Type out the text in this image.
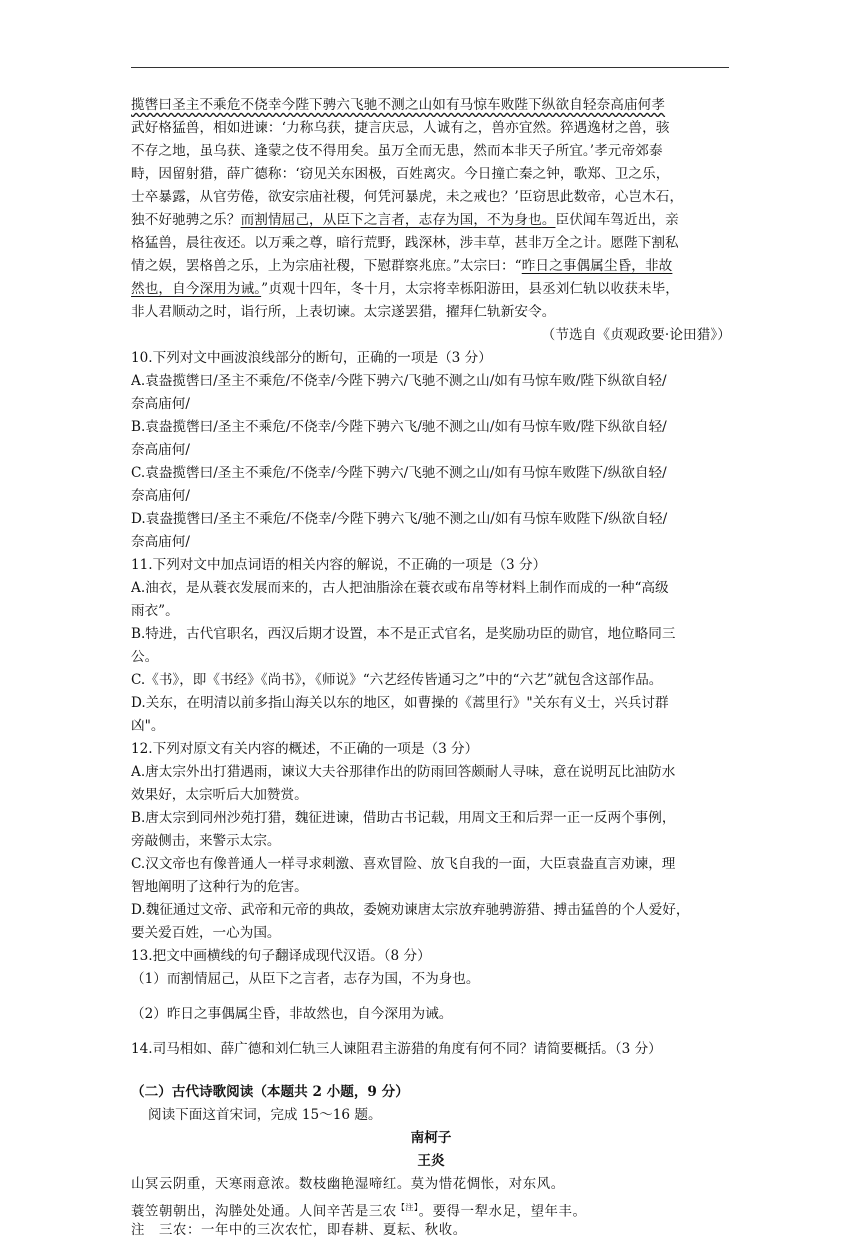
揽辔曰圣主不乘危不侥幸今陛下骋六飞驰不测之山如有马惊车败陛下纵欲自轻奈高庙何孝
武好格猛兽，相如进谏：‘力称乌获，捷言庆忌，人诚有之，兽亦宜然。猝遇逸材之兽，骇
不存之地，虽乌获、逢蒙之伎不得用矣。虽万全而无患，然而本非天子所宜。’孝元帝郊泰
畤，因留射猎，薛广德称：‘窃见关东困极，百姓离灾。今日撞亡秦之钟，歌郑、卫之乐，
士卒暴露，从官劳倦，欲安宗庙社稷，何凭河暴虎，未之戒也？’臣窃思此数帝，心岂木石，
独不好驰骋之乐？而割情屈己，从臣下之言者，志存为国，不为身也。臣伏闻车驾近出，亲
格猛兽，晨往夜还。以万乘之尊，暗行荒野，践深林，涉丰草，甚非万全之计。愿陛下割私
情之娱，罢格兽之乐，上为宗庙社稷，下慰群察兆庶。”太宗曰：“昨日之事偶属尘昏，非故
然也，自今深用为诫。”贞观十四年，冬十月，太宗将幸栎阳游田，县丞刘仁轨以收获未毕，
非人君顺动之时，诣行所，上表切谏。太宗遂罢猎，擢拜仁轨新安令。
（节选自《贞观政要·论田猎》）
10.下列对文中画波浪线部分的断句，正确的一项是（3 分）
A.袁盎揽辔曰/圣主不乘危/不侥幸/今陛下骋六/飞驰不测之山/如有马惊车败/陛下纵欲自轻/
奈高庙何/
B.袁盎揽辔曰/圣主不乘危/不侥幸/今陛下骋六飞/驰不测之山/如有马惊车败/陛下纵欲自轻/
奈高庙何/
C.袁盎揽辔曰/圣主不乘危/不侥幸/今陛下骋六/飞驰不测之山/如有马惊车败陛下/纵欲自轻/
奈高庙何/
D.袁盎揽辔曰/圣主不乘危/不侥幸/今陛下骋六飞/驰不测之山/如有马惊车败陛下/纵欲自轻/
奈高庙何/
11.下列对文中加点词语的相关内容的解说，不正确的一项是（3 分）
A.油衣，是从蓑衣发展而来的，古人把油脂涂在蓑衣或布帛等材料上制作而成的一种“高级
雨衣”。
B.特进，古代官职名，西汉后期才设置，本不是正式官名，是奖励功臣的勋官，地位略同三
公。
C.《书》，即《书经》《尚书》，《师说》“六艺经传皆通习之”中的“六艺”就包含这部作品。
D.关东，在明清以前多指山海关以东的地区，如曹操的《蒿里行》"关东有义士，兴兵讨群
凶"。
12.下列对原文有关内容的概述，不正确的一项是（3 分）
A.唐太宗外出打猎遇雨，谏议大夫谷那律作出的防雨回答颇耐人寻味，意在说明瓦比油防水
效果好，太宗听后大加赞赏。
B.唐太宗到同州沙苑打猎，魏征进谏，借助古书记载，用周文王和后羿一正一反两个事例，
旁敲侧击，来警示太宗。
C.汉文帝也有像普通人一样寻求刺激、喜欢冒险、放飞自我的一面，大臣袁盎直言劝谏，理
智地阐明了这种行为的危害。
D.魏征通过文帝、武帝和元帝的典故，委婉劝谏唐太宗放弃驰骋游猎、搏击猛兽的个人爱好，
要关爱百姓，一心为国。
13.把文中画横线的句子翻译成现代汉语。（8 分）
（1）而割情屈己，从臣下之言者，志存为国，不为身也。
（2）昨日之事偶属尘昏，非故然也，自今深用为诫。
14.司马相如、薛广德和刘仁轨三人谏阻君主游猎的角度有何不同？请简要概括。（3 分）
（二）古代诗歌阅读（本题共 2 小题，9 分）
阅读下面这首宋词，完成 15～16 题。
南柯子
王炎
山冥云阴重，天寒雨意浓。数枝幽艳湿啼红。莫为惜花惆怅，对东风。
蓑笠朝朝出，沟塍处处通。人间辛苦是三农$^{【注】}$。要得一犁水足，望年丰。
注　三农：一年中的三次农忙，即春耕、夏耘、秋收。
